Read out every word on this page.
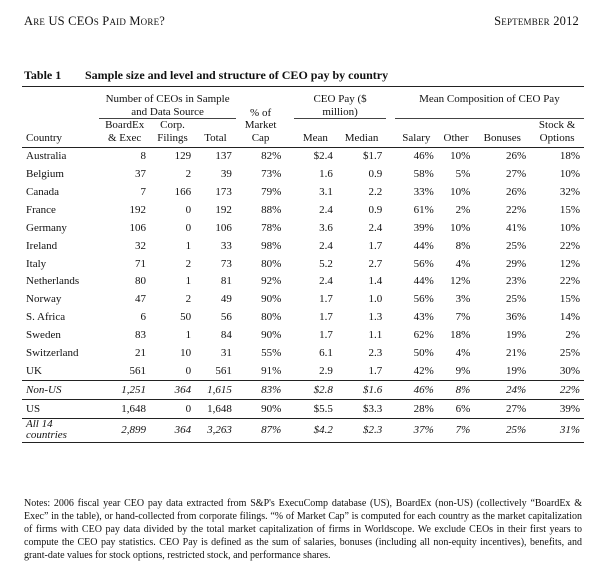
Are US CEOs Paid More?	September 2012
Table 1 Sample size and level and structure of CEO pay by country

	Number of CEOs in Sample and Data Source			% of Market Cap		CEO Pay ($ million)			Mean Composition of CEO Pay			
Country	BoardEx & Exec	Corp. Filings	Total			Mean	Median		Salary	Other	Bonuses	Stock & Options
Australia	8	129	137	82%		$2.4	$1.7		46%	10%	26%	18%
Belgium	37	2	39	73%		1.6	0.9		58%	5%	27%	10%
Canada	7	166	173	79%		3.1	2.2		33%	10%	26%	32%
France	192	0	192	88%		2.4	0.9		61%	2%	22%	15%
Germany	106	0	106	78%		3.6	2.4		39%	10%	41%	10%
Ireland	32	1	33	98%		2.4	1.7		44%	8%	25%	22%
Italy	71	2	73	80%		5.2	2.7		56%	4%	29%	12%
Netherlands	80	1	81	92%		2.4	1.4		44%	12%	23%	22%
Norway	47	2	49	90%		1.7	1.0		56%	3%	25%	15%
S. Africa	6	50	56	80%		1.7	1.3		43%	7%	36%	14%
Sweden	83	1	84	90%		1.7	1.1		62%	18%	19%	2%
Switzerland	21	10	31	55%		6.1	2.3		50%	4%	21%	25%
UK	561	0	561	91%		2.9	1.7		42%	9%	19%	30%
Non-US	1,251	364	1,615	83%		$2.8	$1.6		46%	8%	24%	22%
US	1,648	0	1,648	90%		$5.5	$3.3		28%	6%	27%	39%
All 14 countries	2,899	364	3,263	87%		$4.2	$2.3		37%	7%	25%	31%
Notes: 2006 fiscal year CEO pay data extracted from S&P's ExecuComp database (US), BoardEx (non-US) (collectively “BoardEx & Exec” in the table), or hand-collected from corporate filings. “% of Market Cap” is computed for each country as the market capitalization of firms with CEO pay data divided by the total market capitalization of firms in Worldscope. We exclude CEOs in their first years to compute the CEO pay statistics. CEO Pay is defined as the sum of salaries, bonuses (including all non-equity incentives), benefits, and grant-date values for stock options, restricted stock, and performance shares.
